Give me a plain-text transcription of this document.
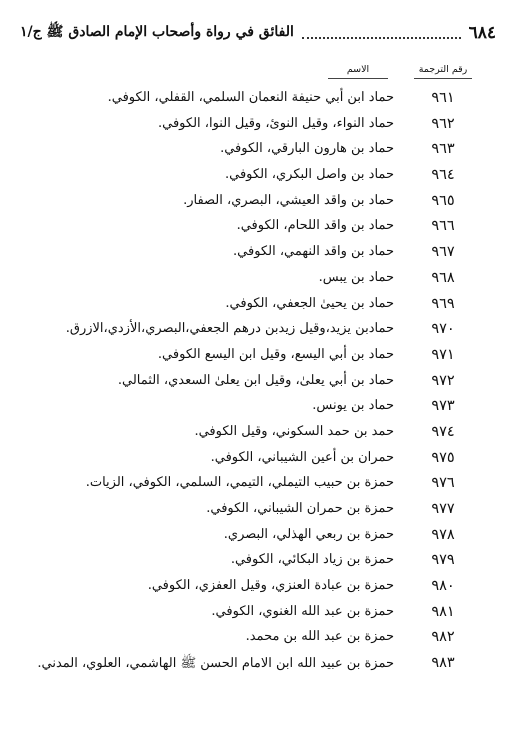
٦٨٤
الفائق في رواة وأصحاب الإمام الصادق ﷺ ج/١
رقم الترجمة
الاسم
٩٦١
حماد ابن أبي حنيفة النعمان السلمي، القفلي، الكوفي.
٩٦٢
حماد النواء، وقيل النوئ، وقيل النوا، الكوفي.
٩٦٣
حماد بن هارون البارقي، الكوفي.
٩٦٤
حماد بن واصل البكري، الكوفي.
٩٦٥
حماد بن واقد العيشي، البصري، الصفار.
٩٦٦
حماد بن واقد اللحام، الكوفي.
٩٦٧
حماد بن واقد النهمي، الكوفي.
٩٦٨
حماد بن يبس.
٩٦٩
حماد بن يحيىٰ الجعفي، الكوفي.
٩٧٠
حمادبن يزيد،وقيل زيدبن درهم الجعفي،البصري،الأزدي،الازرق.
٩٧١
حماد بن أبي اليسع، وقيل ابن اليسع الكوفي.
٩٧٢
حماد بن أبي يعلىٰ، وقيل ابن يعلىٰ السعدي، الثمالي.
٩٧٣
حماد بن يونس.
٩٧٤
حمد بن حمد السكوني، وقيل الكوفي.
٩٧٥
حمران بن أعين الشيباني، الكوفي.
٩٧٦
حمزة بن حبيب التيملي، التيمي، السلمي، الكوفي، الزيات.
٩٧٧
حمزة بن حمران الشيباني، الكوفي.
٩٧٨
حمزة بن ربعي الهذلي، البصري.
٩٧٩
حمزة بن زياد البكائي، الكوفي.
٩٨٠
حمزة بن عبادة العنزي، وقيل العفزي، الكوفي.
٩٨١
حمزة بن عبد الله الغنوي، الكوفي.
٩٨٢
حمزة بن عبد الله بن محمد.
٩٨٣
حمزة بن عبيد الله ابن الامام الحسن ﷺ الهاشمي، العلوي، المدني.
